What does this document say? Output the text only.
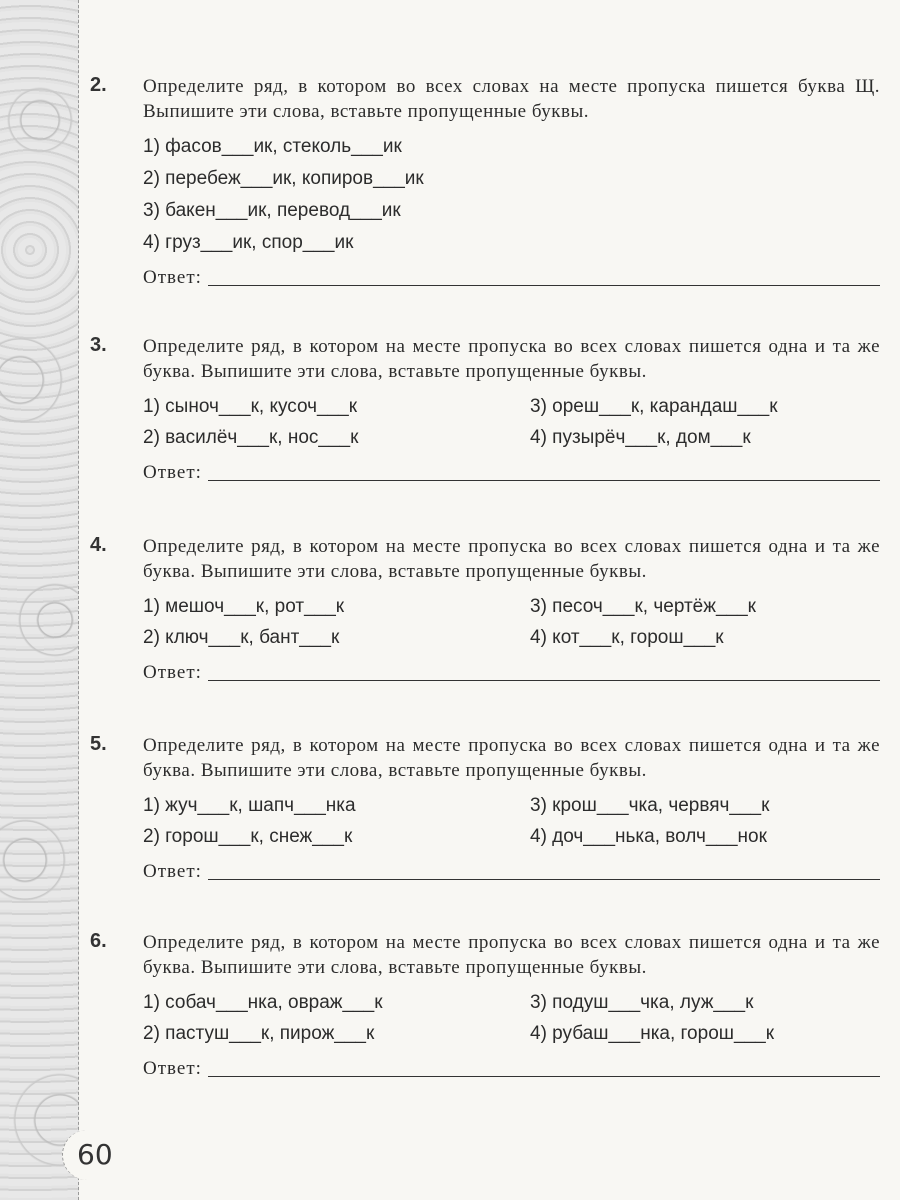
2. Определите ряд, в котором во всех словах на месте пропуска пишется буква Щ. Выпишите эти слова, вставьте пропущенные буквы.
1) фасов___ик, стеколь___ик
2) перебеж___ик, копиров___ик
3) бакен___ик, перевод___ик
4) груз___ик, спор___ик
Ответ:
3. Определите ряд, в котором на месте пропуска во всех словах пишется одна и та же буква. Выпишите эти слова, вставьте пропущенные буквы.
1) сыноч___к, кусоч___к	3) ореш___к, карандаш___к
2) василёч___к, нос___к	4) пузырёч___к, дом___к
Ответ:
4. Определите ряд, в котором на месте пропуска во всех словах пишется одна и та же буква. Выпишите эти слова, вставьте пропущенные буквы.
1) мешоч___к, рот___к	3) песоч___к, чертёж___к
2) ключ___к, бант___к	4) кот___к, горош___к
Ответ:
5. Определите ряд, в котором на месте пропуска во всех словах пишется одна и та же буква. Выпишите эти слова, вставьте пропущенные буквы.
1) жуч___к, шапч___нка	3) крош___чка, червяч___к
2) горош___к, снеж___к	4) доч___нька, волч___нок
Ответ:
6. Определите ряд, в котором на месте пропуска во всех словах пишется одна и та же буква. Выпишите эти слова, вставьте пропущенные буквы.
1) собач___нка, овраж___к	3) подуш___чка, луж___к
2) пастуш___к, пирож___к	4) рубаш___нка, горош___к
Ответ:
60
